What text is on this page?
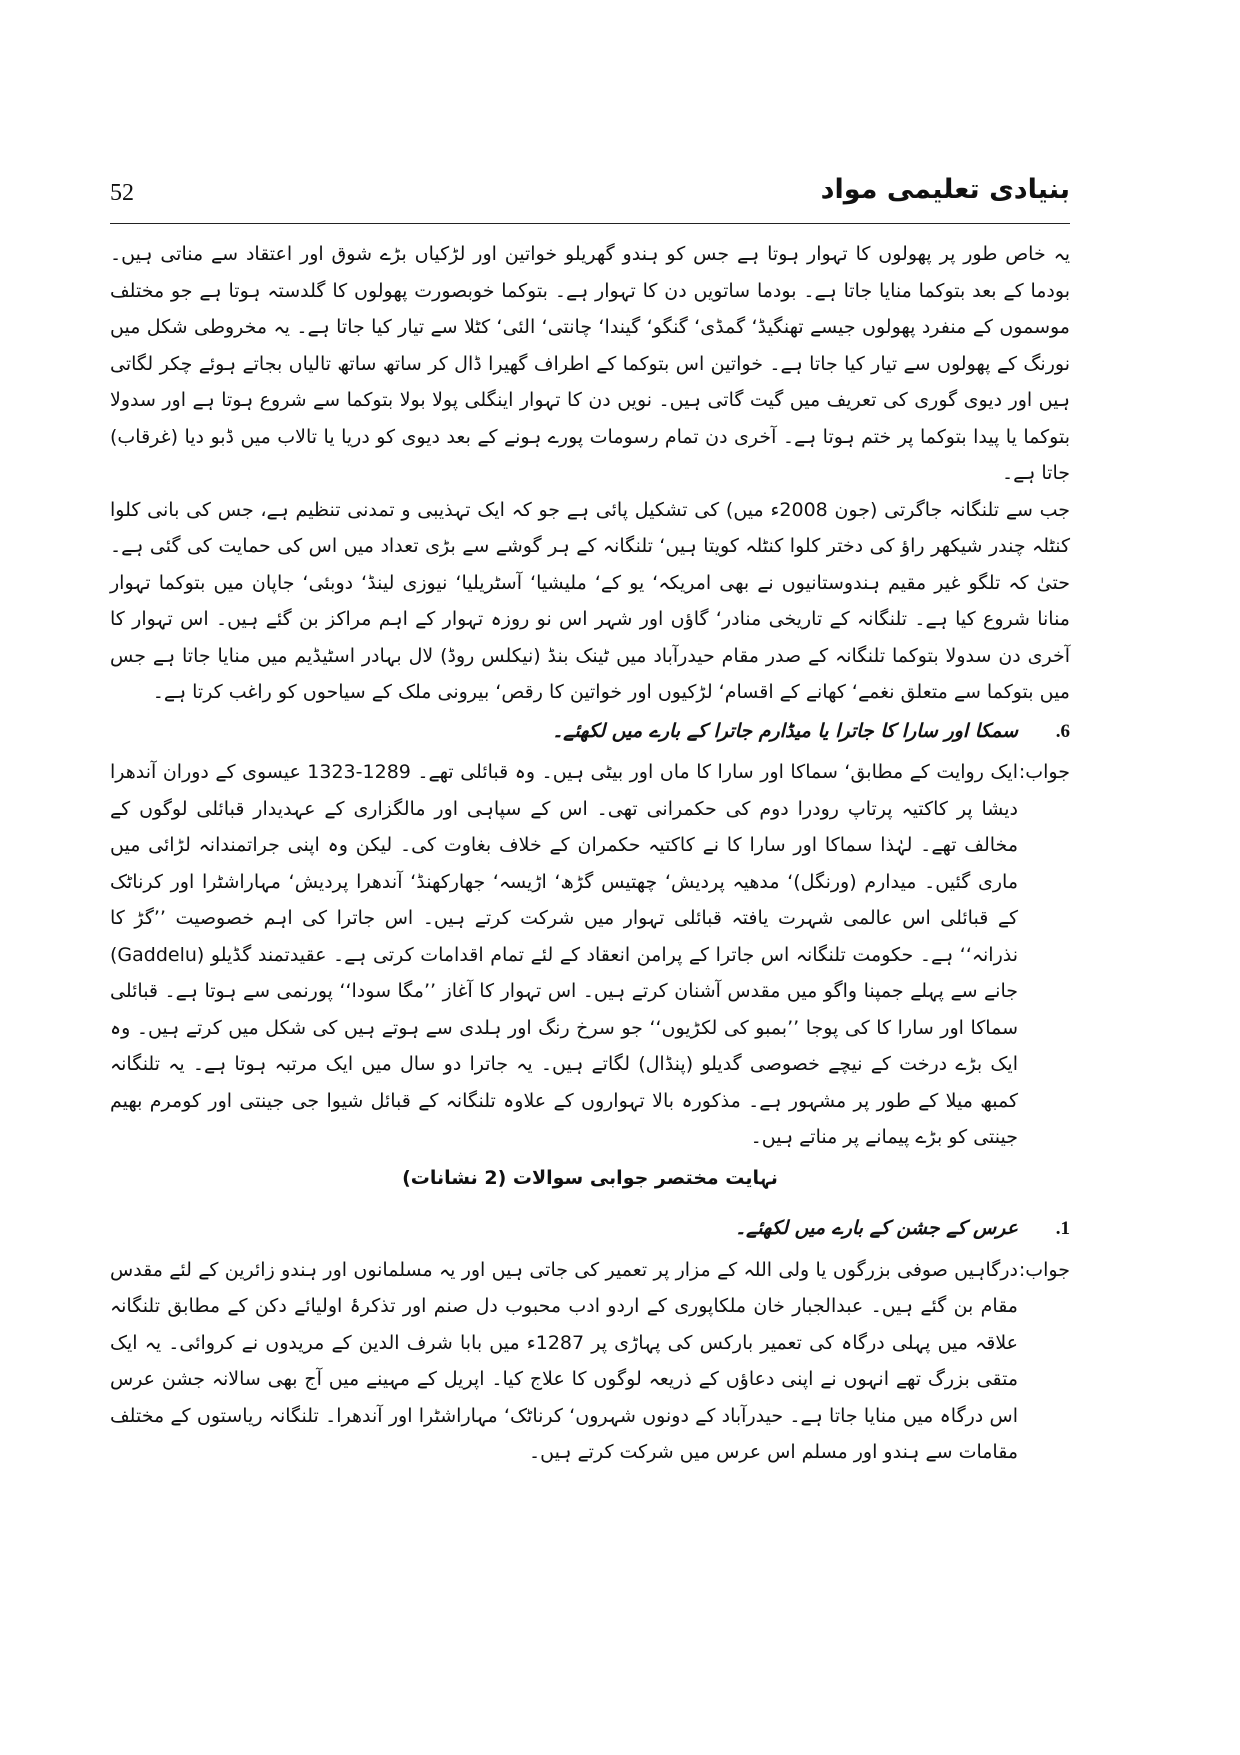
52	بنیادی تعلیمی مواد

یہ خاص طور پر پھولوں کا تہوار ہوتا ہے جس کو ہندو گھریلو خواتین اور لڑکیاں بڑے شوق اور اعتقاد سے مناتی ہیں۔ بودما کے بعد بتوکما منایا جاتا ہے۔ بودما ساتویں دن کا تہوار ہے۔ بتوکما خوبصورت پھولوں کا گلدستہ ہوتا ہے جو مختلف موسموں کے منفرد پھولوں جیسے تھنگیڈ‘ گمڈی‘ گنگو‘ گیندا‘ چانتی‘ الئی‘ کٹلا سے تیار کیا جاتا ہے۔ یہ مخروطی شکل میں نورنگ کے پھولوں سے تیار کیا جاتا ہے۔ خواتین اس بتوکما کے اطراف گھیرا ڈال کر ساتھ ساتھ تالیاں بجاتے ہوئے چکر لگاتی ہیں اور دیوی گوری کی تعریف میں گیت گاتی ہیں۔ نویں دن کا تہوار اینگلی پولا بولا بتوکما سے شروع ہوتا ہے اور سدولا بتوکما یا پیدا بتوکما پر ختم ہوتا ہے۔ آخری دن تمام رسومات پورے ہونے کے بعد دیوی کو دریا یا تالاب میں ڈبو دیا (غرقاب) جاتا ہے۔

جب سے تلنگانہ جاگرتی (جون 2008ء میں) کی تشکیل پائی ہے جو کہ ایک تہذیبی و تمدنی تنظیم ہے، جس کی بانی کلوا کنٹلہ چندر شیکھر راؤ کی دختر کلوا کنٹلہ کویتا ہیں‘ تلنگانہ کے ہر گوشے سے بڑی تعداد میں اس کی حمایت کی گئی ہے۔ حتیٰ کہ تلگو غیر مقیم ہندوستانیوں نے بھی امریکہ‘ یو کے‘ ملیشیا‘ آسٹریلیا‘ نیوزی لینڈ‘ دوبئی‘ جاپان میں بتوکما تہوار منانا شروع کیا ہے۔ تلنگانہ کے تاریخی منادر‘ گاؤں اور شہر اس نو روزہ تہوار کے اہم مراکز بن گئے ہیں۔ اس تہوار کا آخری دن سدولا بتوکما تلنگانہ کے صدر مقام حیدرآباد میں ٹینک بنڈ (نیکلس روڈ) لال بہادر اسٹیڈیم میں منایا جاتا ہے جس میں بتوکما سے متعلق نغمے‘ کھانے کے اقسام‘ لڑکیوں اور خواتین کا رقص‘ بیرونی ملک کے سیاحوں کو راغب کرتا ہے۔

6.
سمکا اور سارا کا جاترا یا میڈارم جاترا کے بارے میں لکھئے۔
جواب:
ایک روایت کے مطابق‘ سماکا اور سارا کا ماں اور بیٹی ہیں۔ وہ قبائلی تھے۔ 1289-1323 عیسوی کے دوران آندھرا دیشا پر کاکتیہ پرتاپ رودرا دوم کی حکمرانی تھی۔ اس کے سپاہی اور مالگزاری کے عہدیدار قبائلی لوگوں کے مخالف تھے۔ لہٰذا سماکا اور سارا کا نے کاکتیہ حکمران کے خلاف بغاوت کی۔ لیکن وہ اپنی جراتمندانہ لڑائی میں ماری گئیں۔ میدارم (ورنگل)‘ مدھیہ پردیش‘ چھتیس گڑھ‘ اڑیسہ‘ جھارکھنڈ‘ آندھرا پردیش‘ مہاراشٹرا اور کرناٹک کے قبائلی اس عالمی شہرت یافتہ قبائلی تہوار میں شرکت کرتے ہیں۔ اس جاترا کی اہم خصوصیت ’’گڑ کا نذرانہ‘‘ ہے۔ حکومت تلنگانہ اس جاترا کے پرامن انعقاد کے لئے تمام اقدامات کرتی ہے۔ عقیدتمند گڈیلو (Gaddelu) جانے سے پہلے جمپنا واگو میں مقدس آشنان کرتے ہیں۔ اس تہوار کا آغاز ’’مگا سودا‘‘ پورنمی سے ہوتا ہے۔ قبائلی سماکا اور سارا کا کی پوجا ’’بمبو کی لکڑیوں‘‘ جو سرخ رنگ اور ہلدی سے ہوتے ہیں کی شکل میں کرتے ہیں۔ وہ ایک بڑے درخت کے نیچے خصوصی گدیلو (پنڈال) لگاتے ہیں۔ یہ جاترا دو سال میں ایک مرتبہ ہوتا ہے۔ یہ تلنگانہ کمبھ میلا کے طور پر مشہور ہے۔ مذکورہ بالا تہواروں کے علاوہ تلنگانہ کے قبائل شیوا جی جینتی اور کومرم بھیم جینتی کو بڑے پیمانے پر مناتے ہیں۔
نہایت مختصر جوابی سوالات (2 نشانات)
1.
عرس کے جشن کے بارے میں لکھئے۔
جواب:
درگاہیں صوفی بزرگوں یا ولی اللہ کے مزار پر تعمیر کی جاتی ہیں اور یہ مسلمانوں اور ہندو زائرین کے لئے مقدس مقام بن گئے ہیں۔ عبدالجبار خان ملکاپوری کے اردو ادب محبوب دل صنم اور تذکرۂ اولیائے دکن کے مطابق تلنگانہ علاقہ میں پہلی درگاہ کی تعمیر بارکس کی پہاڑی پر 1287ء میں بابا شرف الدین کے مریدوں نے کروائی۔ یہ ایک متقی بزرگ تھے انہوں نے اپنی دعاؤں کے ذریعہ لوگوں کا علاج کیا۔ اپریل کے مہینے میں آج بھی سالانہ جشن عرس اس درگاہ میں منایا جاتا ہے۔ حیدرآباد کے دونوں شہروں‘ کرناٹک‘ مہاراشٹرا اور آندھرا۔ تلنگانہ ریاستوں کے مختلف مقامات سے ہندو اور مسلم اس عرس میں شرکت کرتے ہیں۔
